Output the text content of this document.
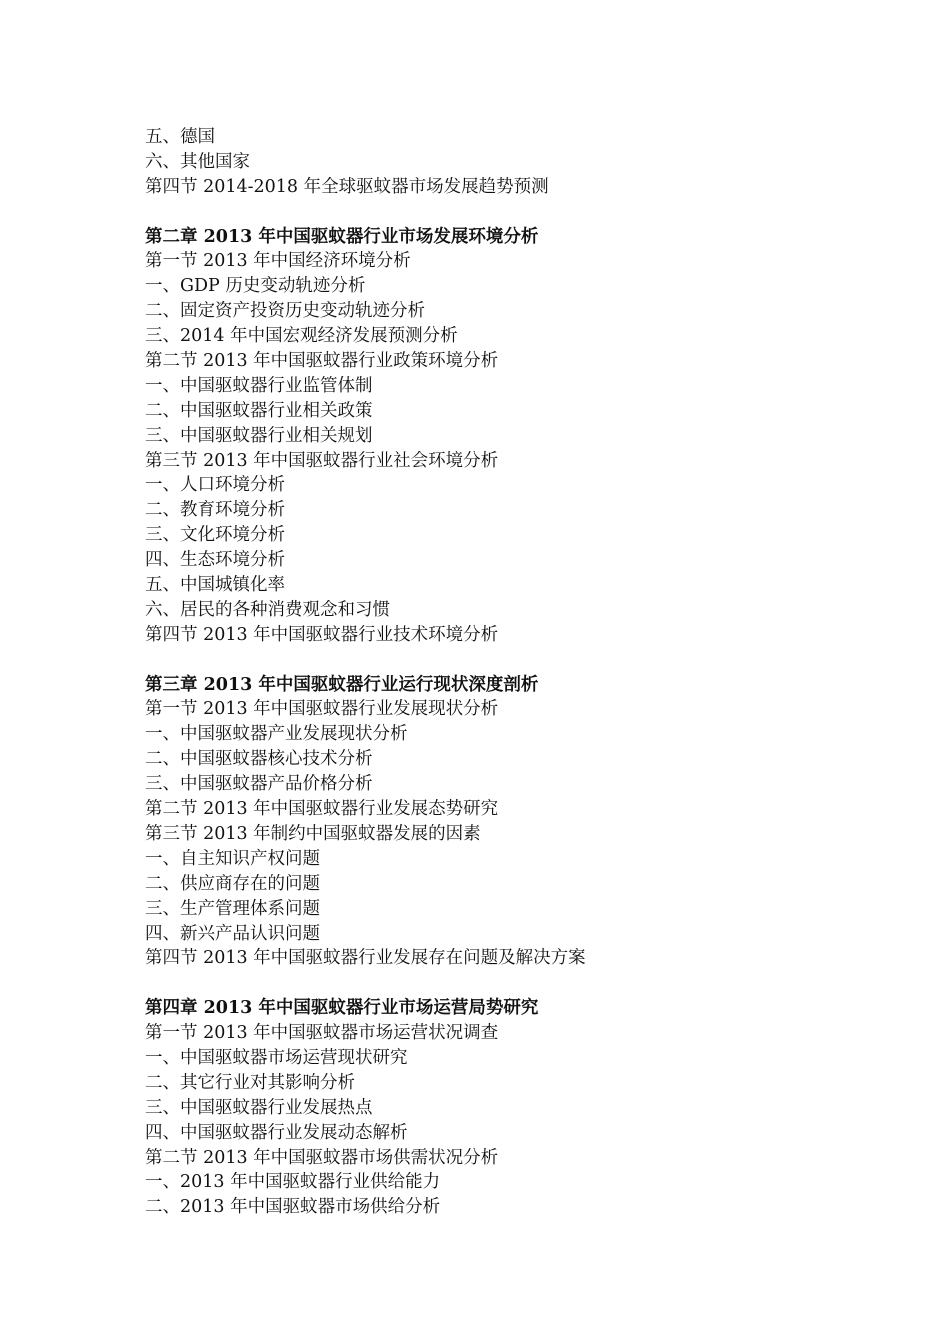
五、德国
六、其他国家
第四节 2014-2018 年全球驱蚊器市场发展趋势预测
第二章 2013 年中国驱蚊器行业市场发展环境分析
第一节 2013 年中国经济环境分析
一、GDP 历史变动轨迹分析
二、固定资产投资历史变动轨迹分析
三、2014 年中国宏观经济发展预测分析
第二节 2013 年中国驱蚊器行业政策环境分析
一、中国驱蚊器行业监管体制
二、中国驱蚊器行业相关政策
三、中国驱蚊器行业相关规划
第三节 2013 年中国驱蚊器行业社会环境分析
一、人口环境分析
二、教育环境分析
三、文化环境分析
四、生态环境分析
五、中国城镇化率
六、居民的各种消费观念和习惯
第四节 2013 年中国驱蚊器行业技术环境分析
第三章 2013 年中国驱蚊器行业运行现状深度剖析
第一节 2013 年中国驱蚊器行业发展现状分析
一、中国驱蚊器产业发展现状分析
二、中国驱蚊器核心技术分析
三、中国驱蚊器产品价格分析
第二节 2013 年中国驱蚊器行业发展态势研究
第三节 2013 年制约中国驱蚊器发展的因素
一、自主知识产权问题
二、供应商存在的问题
三、生产管理体系问题
四、新兴产品认识问题
第四节 2013 年中国驱蚊器行业发展存在问题及解决方案
第四章 2013 年中国驱蚊器行业市场运营局势研究
第一节 2013 年中国驱蚊器市场运营状况调查
一、中国驱蚊器市场运营现状研究
二、其它行业对其影响分析
三、中国驱蚊器行业发展热点
四、中国驱蚊器行业发展动态解析
第二节 2013 年中国驱蚊器市场供需状况分析
一、2013 年中国驱蚊器行业供给能力
二、2013 年中国驱蚊器市场供给分析
